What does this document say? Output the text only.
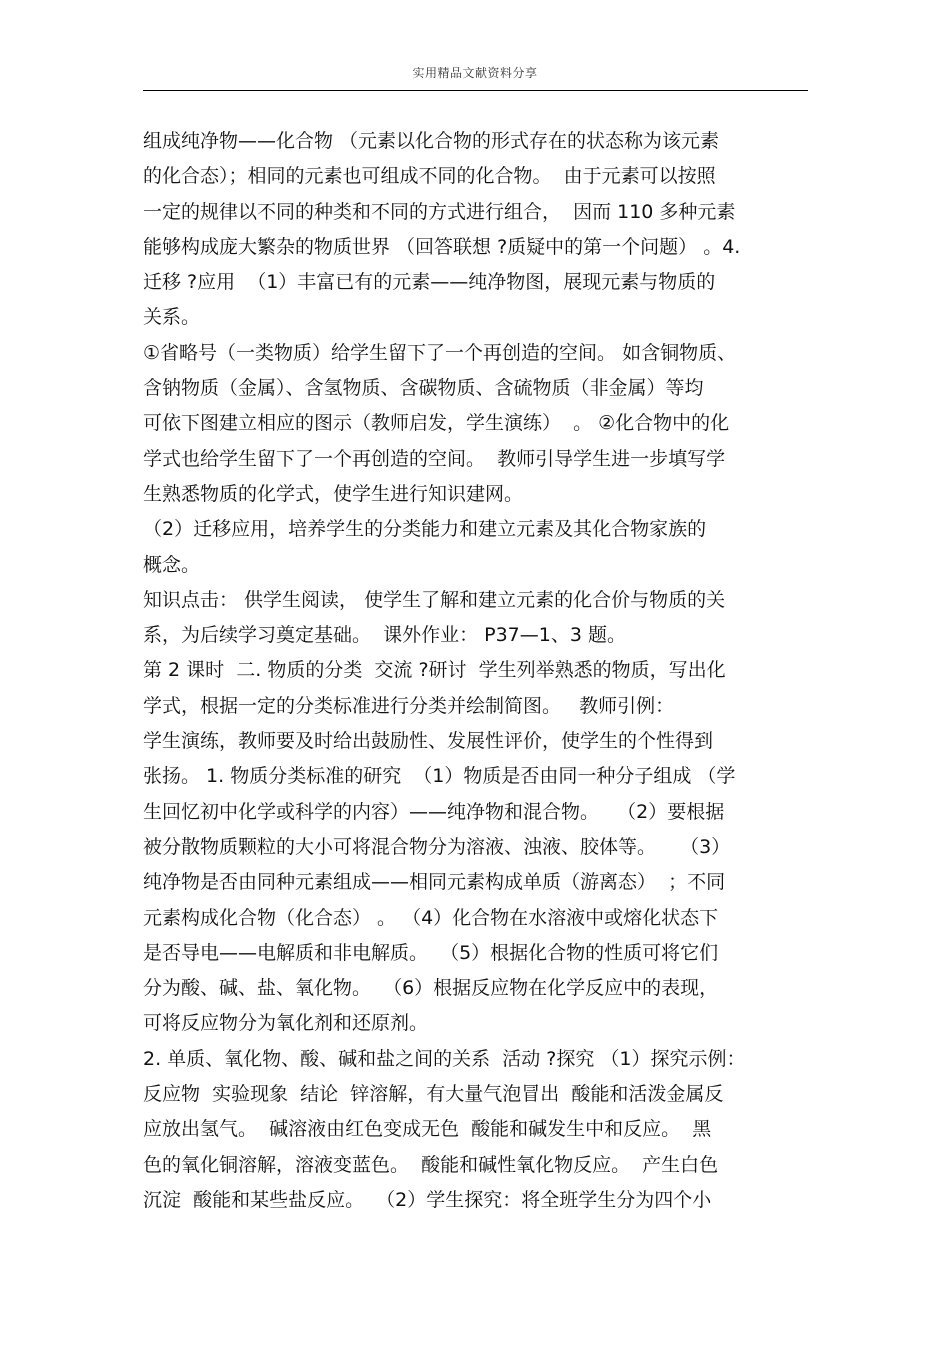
实用精品文献资料分享
组成纯净物——化合物 （元素以化合物的形式存在的状态称为该元素
的化合态）；相同的元素也可组成不同的化合物。  由于元素可以按照
一定的规律以不同的种类和不同的方式进行组合，  因而 110 多种元素
能够构成庞大繁杂的物质世界 （回答联想 ?质疑中的第一个问题） 。4.
迁移 ?应用  （1）丰富已有的元素——纯净物图，展现元素与物质的
关系。
①省略号（一类物质）给学生留下了一个再创造的空间。 如含铜物质、
含钠物质（金属）、含氢物质、含碳物质、含硫物质（非金属）等均
可依下图建立相应的图示（教师启发，学生演练）  。 ②化合物中的化
学式也给学生留下了一个再创造的空间。  教师引导学生进一步填写学
生熟悉物质的化学式，使学生进行知识建网。
（2）迁移应用，培养学生的分类能力和建立元素及其化合物家族的
概念。
知识点击： 供学生阅读， 使学生了解和建立元素的化合价与物质的关
系，为后续学习奠定基础。  课外作业： P37—1、3 题。
第 2 课时  二. 物质的分类  交流 ?研讨  学生列举熟悉的物质，写出化
学式，根据一定的分类标准进行分类并绘制简图。   教师引例：
学生演练，教师要及时给出鼓励性、发展性评价，使学生的个性得到
张扬。 1. 物质分类标准的研究  （1）物质是否由同一种分子组成 （学
生回忆初中化学或科学的内容）——纯净物和混合物。   （2）要根据
被分散物质颗粒的大小可将混合物分为溶液、浊液、胶体等。    （3）
纯净物是否由同种元素组成——相同元素构成单质（游离态）  ；不同
元素构成化合物（化合态） 。 （4）化合物在水溶液中或熔化状态下
是否导电——电解质和非电解质。  （5）根据化合物的性质可将它们
分为酸、碱、盐、氧化物。  （6）根据反应物在化学反应中的表现，
可将反应物分为氧化剂和还原剂。
2. 单质、氧化物、酸、碱和盐之间的关系  活动 ?探究 （1）探究示例：
反应物  实验现象  结论  锌溶解，有大量气泡冒出  酸能和活泼金属反
应放出氢气。  碱溶液由红色变成无色  酸能和碱发生中和反应。  黑
色的氧化铜溶解，溶液变蓝色。  酸能和碱性氧化物反应。  产生白色
沉淀  酸能和某些盐反应。  （2）学生探究：将全班学生分为四个小
